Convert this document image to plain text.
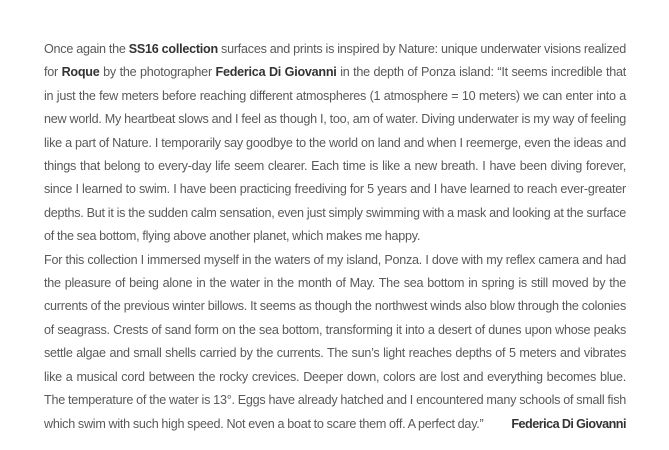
Once again the SS16 collection surfaces and prints is inspired by Nature: unique underwater visions realized for Roque by the photographer Federica Di Giovanni in the depth of Ponza island: “It seems incredible that in just the few meters before reaching different atmospheres (1 atmosphere = 10 meters) we can enter into a new world. My heartbeat slows and I feel as though I, too, am of water. Diving underwater is my way of feeling like a part of Nature. I temporarily say goodbye to the world on land and when I reemerge, even the ideas and things that belong to every-day life seem clearer. Each time is like a new breath. I have been diving forever, since I learned to swim. I have been practicing freediving for 5 years and I have learned to reach ever-greater depths. But it is the sudden calm sensation, even just simply swimming with a mask and looking at the surface of the sea bottom, flying above another planet, which makes me happy.

For this collection I immersed myself in the waters of my island, Ponza. I dove with my reflex camera and had the pleasure of being alone in the water in the month of May. The sea bottom in spring is still moved by the currents of the previous winter billows. It seems as though the northwest winds also blow through the colonies of seagrass. Crests of sand form on the sea bottom, transforming it into a desert of dunes upon whose peaks settle algae and small shells carried by the currents. The sun’s light reaches depths of 5 meters and vibrates like a musical cord between the rocky crevices. Deeper down, colors are lost and everything becomes blue. The temperature of the water is 13°. Eggs have already hatched and I encountered many schools of small fish which swim with such high speed. Not even a boat to scare them off. A perfect day.” Federica Di Giovanni
